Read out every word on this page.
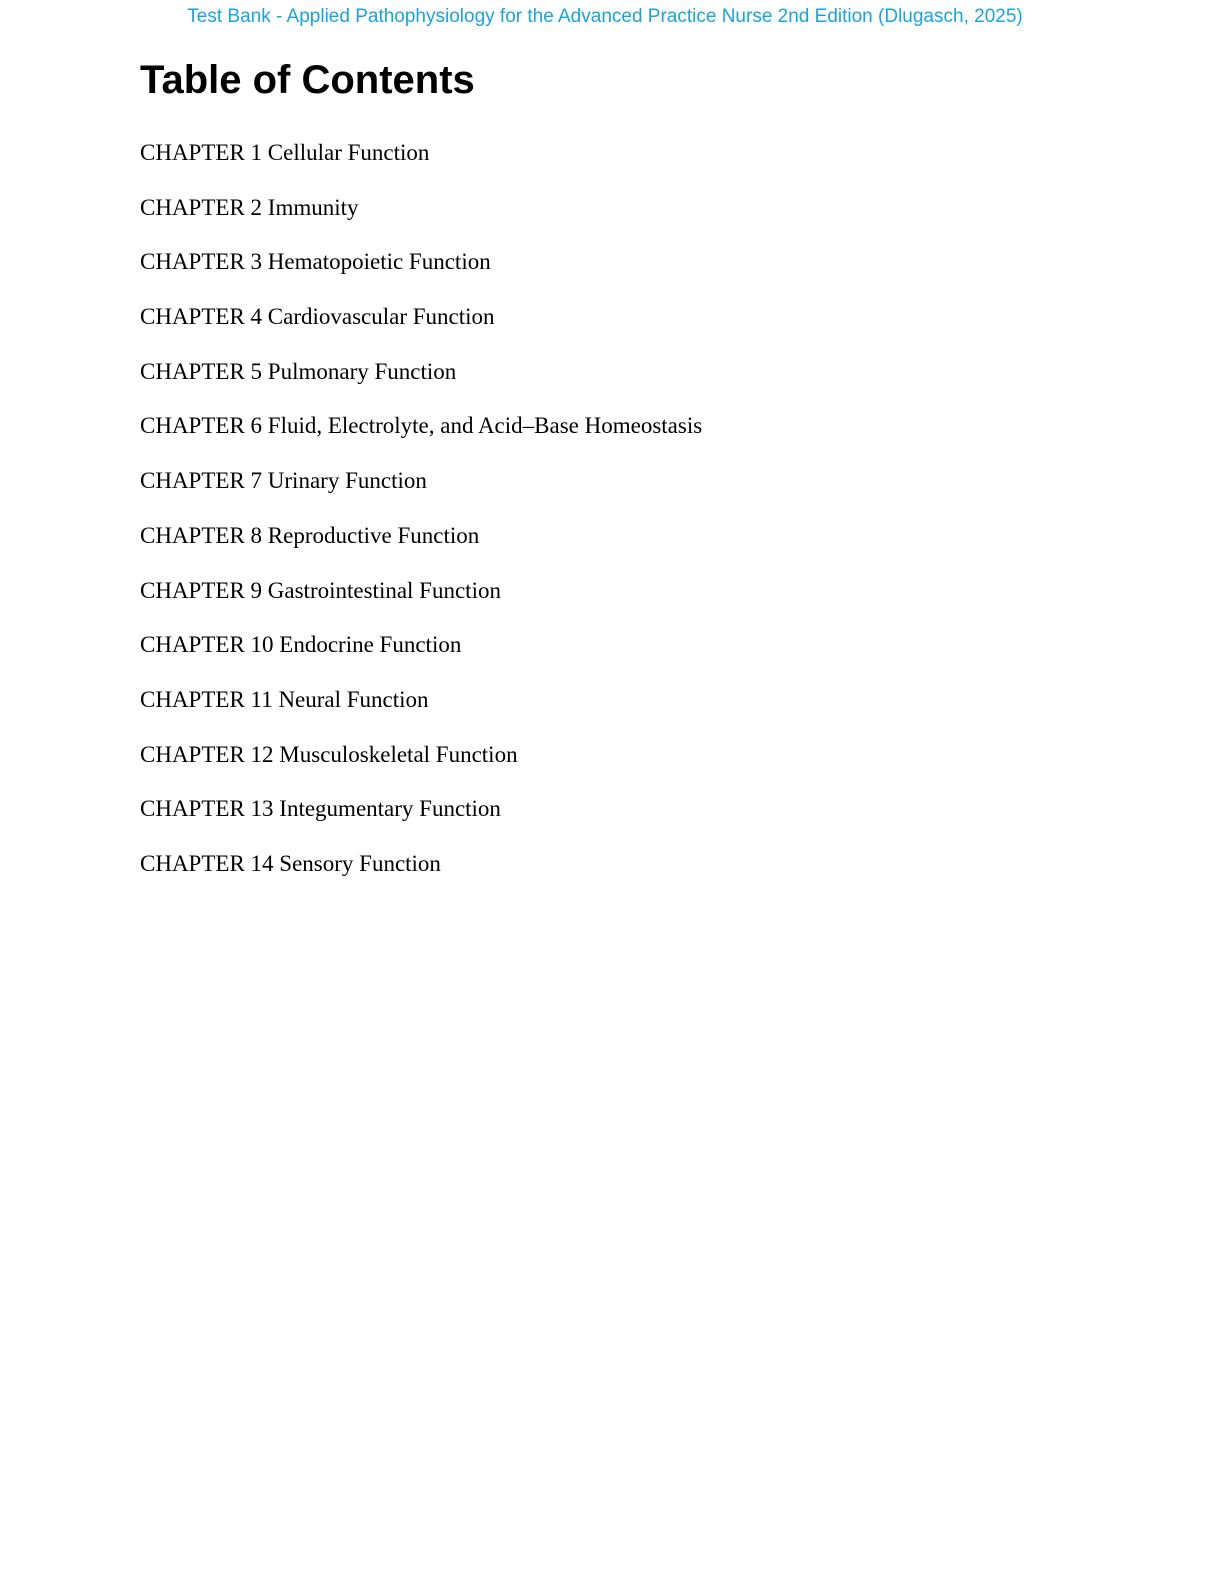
Test Bank - Applied Pathophysiology for the Advanced Practice Nurse 2nd Edition (Dlugasch, 2025)
Table of Contents
CHAPTER 1 Cellular Function
CHAPTER 2 Immunity
CHAPTER 3 Hematopoietic Function
CHAPTER 4 Cardiovascular Function
CHAPTER 5 Pulmonary Function
CHAPTER 6 Fluid, Electrolyte, and Acid–Base Homeostasis
CHAPTER 7 Urinary Function
CHAPTER 8 Reproductive Function
CHAPTER 9 Gastrointestinal Function
CHAPTER 10 Endocrine Function
CHAPTER 11 Neural Function
CHAPTER 12 Musculoskeletal Function
CHAPTER 13 Integumentary Function
CHAPTER 14 Sensory Function
